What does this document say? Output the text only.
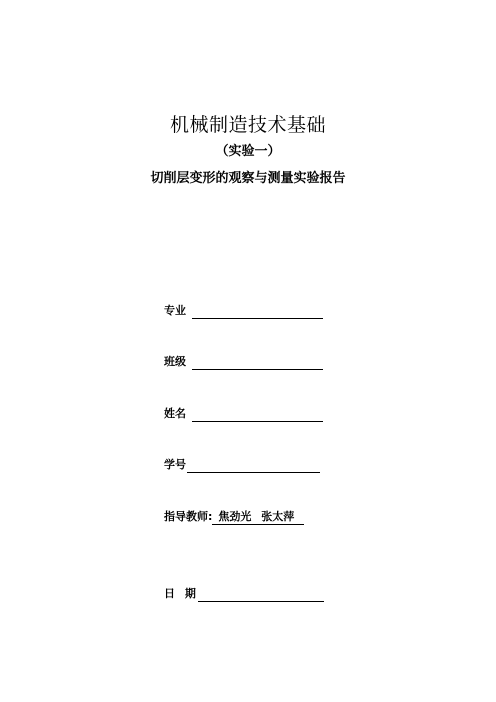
机械制造技术基础
（实验一）
切削层变形的观察与测量实验报告
专业
班级
姓名
学号
指导教师: 焦劲光 张太萍
日 期
